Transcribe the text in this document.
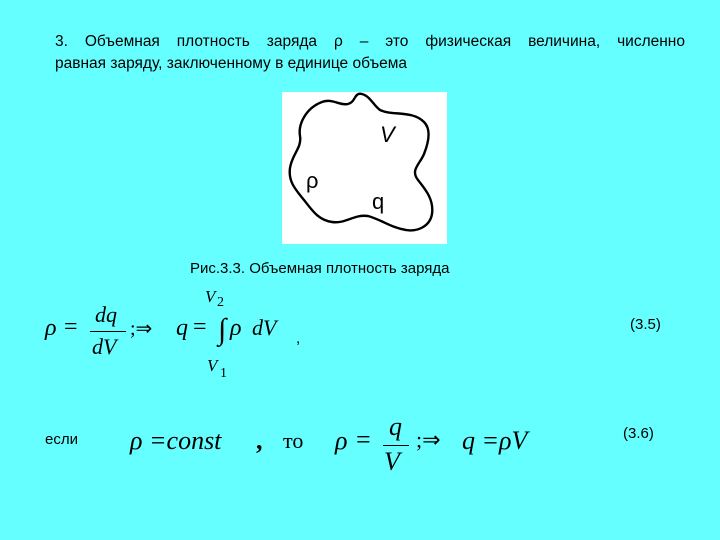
3. Объемная плотность заряда ρ – это физическая величина, численно
равная заряду, заключенному в единице объема
V
ρ
q
Рис.3.3. Объемная плотность заряда
ρ = dq
dV
;⇒ q =
V 2
∫
V 1
ρ dV ,
(3.5)
если ρ =const , то ρ = q
V
;⇒ q =ρV	(3.6)
